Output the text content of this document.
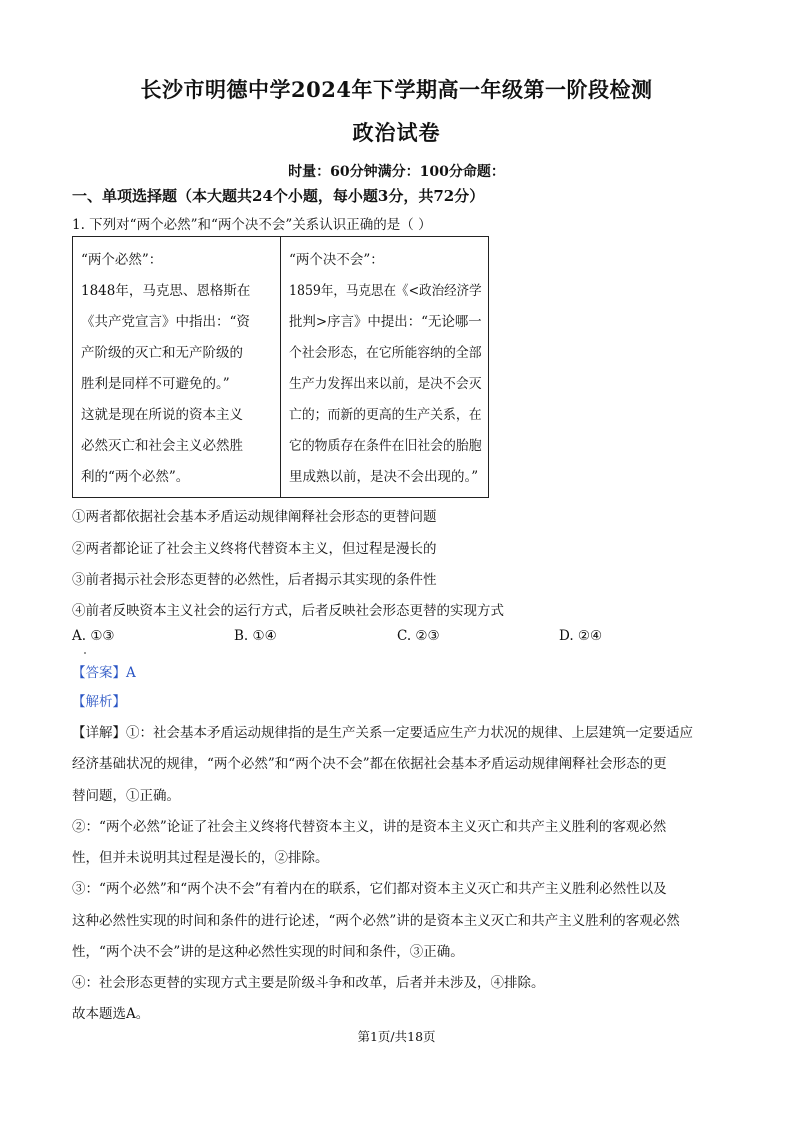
长沙市明德中学2024年下学期高一年级第一阶段检测
政治试卷
时量：60分钟满分：100分命题：
一、单项选择题（本大题共24个小题，每小题3分，共72分）
1. 下列对“两个必然”和“两个决不会”关系认识正确的是（ ）
“两个必然”：
1848年，马克思、恩格斯在
《共产党宣言》中指出：“资
产阶级的灭亡和无产阶级的
胜利是同样不可避免的。”
这就是现在所说的资本主义
必然灭亡和社会主义必然胜
利的“两个必然”。

“两个决不会”：
1859年，马克思在《<政治经济学
批判>序言》中提出：“无论哪一
个社会形态，在它所能容纳的全部
生产力发挥出来以前，是决不会灭
亡的；而新的更高的生产关系，在
它的物质存在条件在旧社会的胎胞
里成熟以前，是决不会出现的。”
①两者都依据社会基本矛盾运动规律阐释社会形态的更替问题
②两者都论证了社会主义终将代替资本主义，但过程是漫长的
③前者揭示社会形态更替的必然性，后者揭示其实现的条件性
④前者反映资本主义社会的运行方式，后者反映社会形态更替的实现方式
A. ①③	B. ①④	C. ②③	D. ②④
【答案】A
【解析】
【详解】①：社会基本矛盾运动规律指的是生产关系一定要适应生产力状况的规律、上层建筑一定要适应
经济基础状况的规律，“两个必然”和“两个决不会”都在依据社会基本矛盾运动规律阐释社会形态的更
替问题，①正确。
②：“两个必然”论证了社会主义终将代替资本主义，讲的是资本主义灭亡和共产主义胜利的客观必然
性，但并未说明其过程是漫长的，②排除。
③：“两个必然”和“两个决不会”有着内在的联系，它们都对资本主义灭亡和共产主义胜利必然性以及
这种必然性实现的时间和条件的进行论述，“两个必然”讲的是资本主义灭亡和共产主义胜利的客观必然
性，“两个决不会”讲的是这种必然性实现的时间和条件，③正确。
④：社会形态更替的实现方式主要是阶级斗争和改革，后者并未涉及，④排除。
故本题选A。
第1页/共18页
